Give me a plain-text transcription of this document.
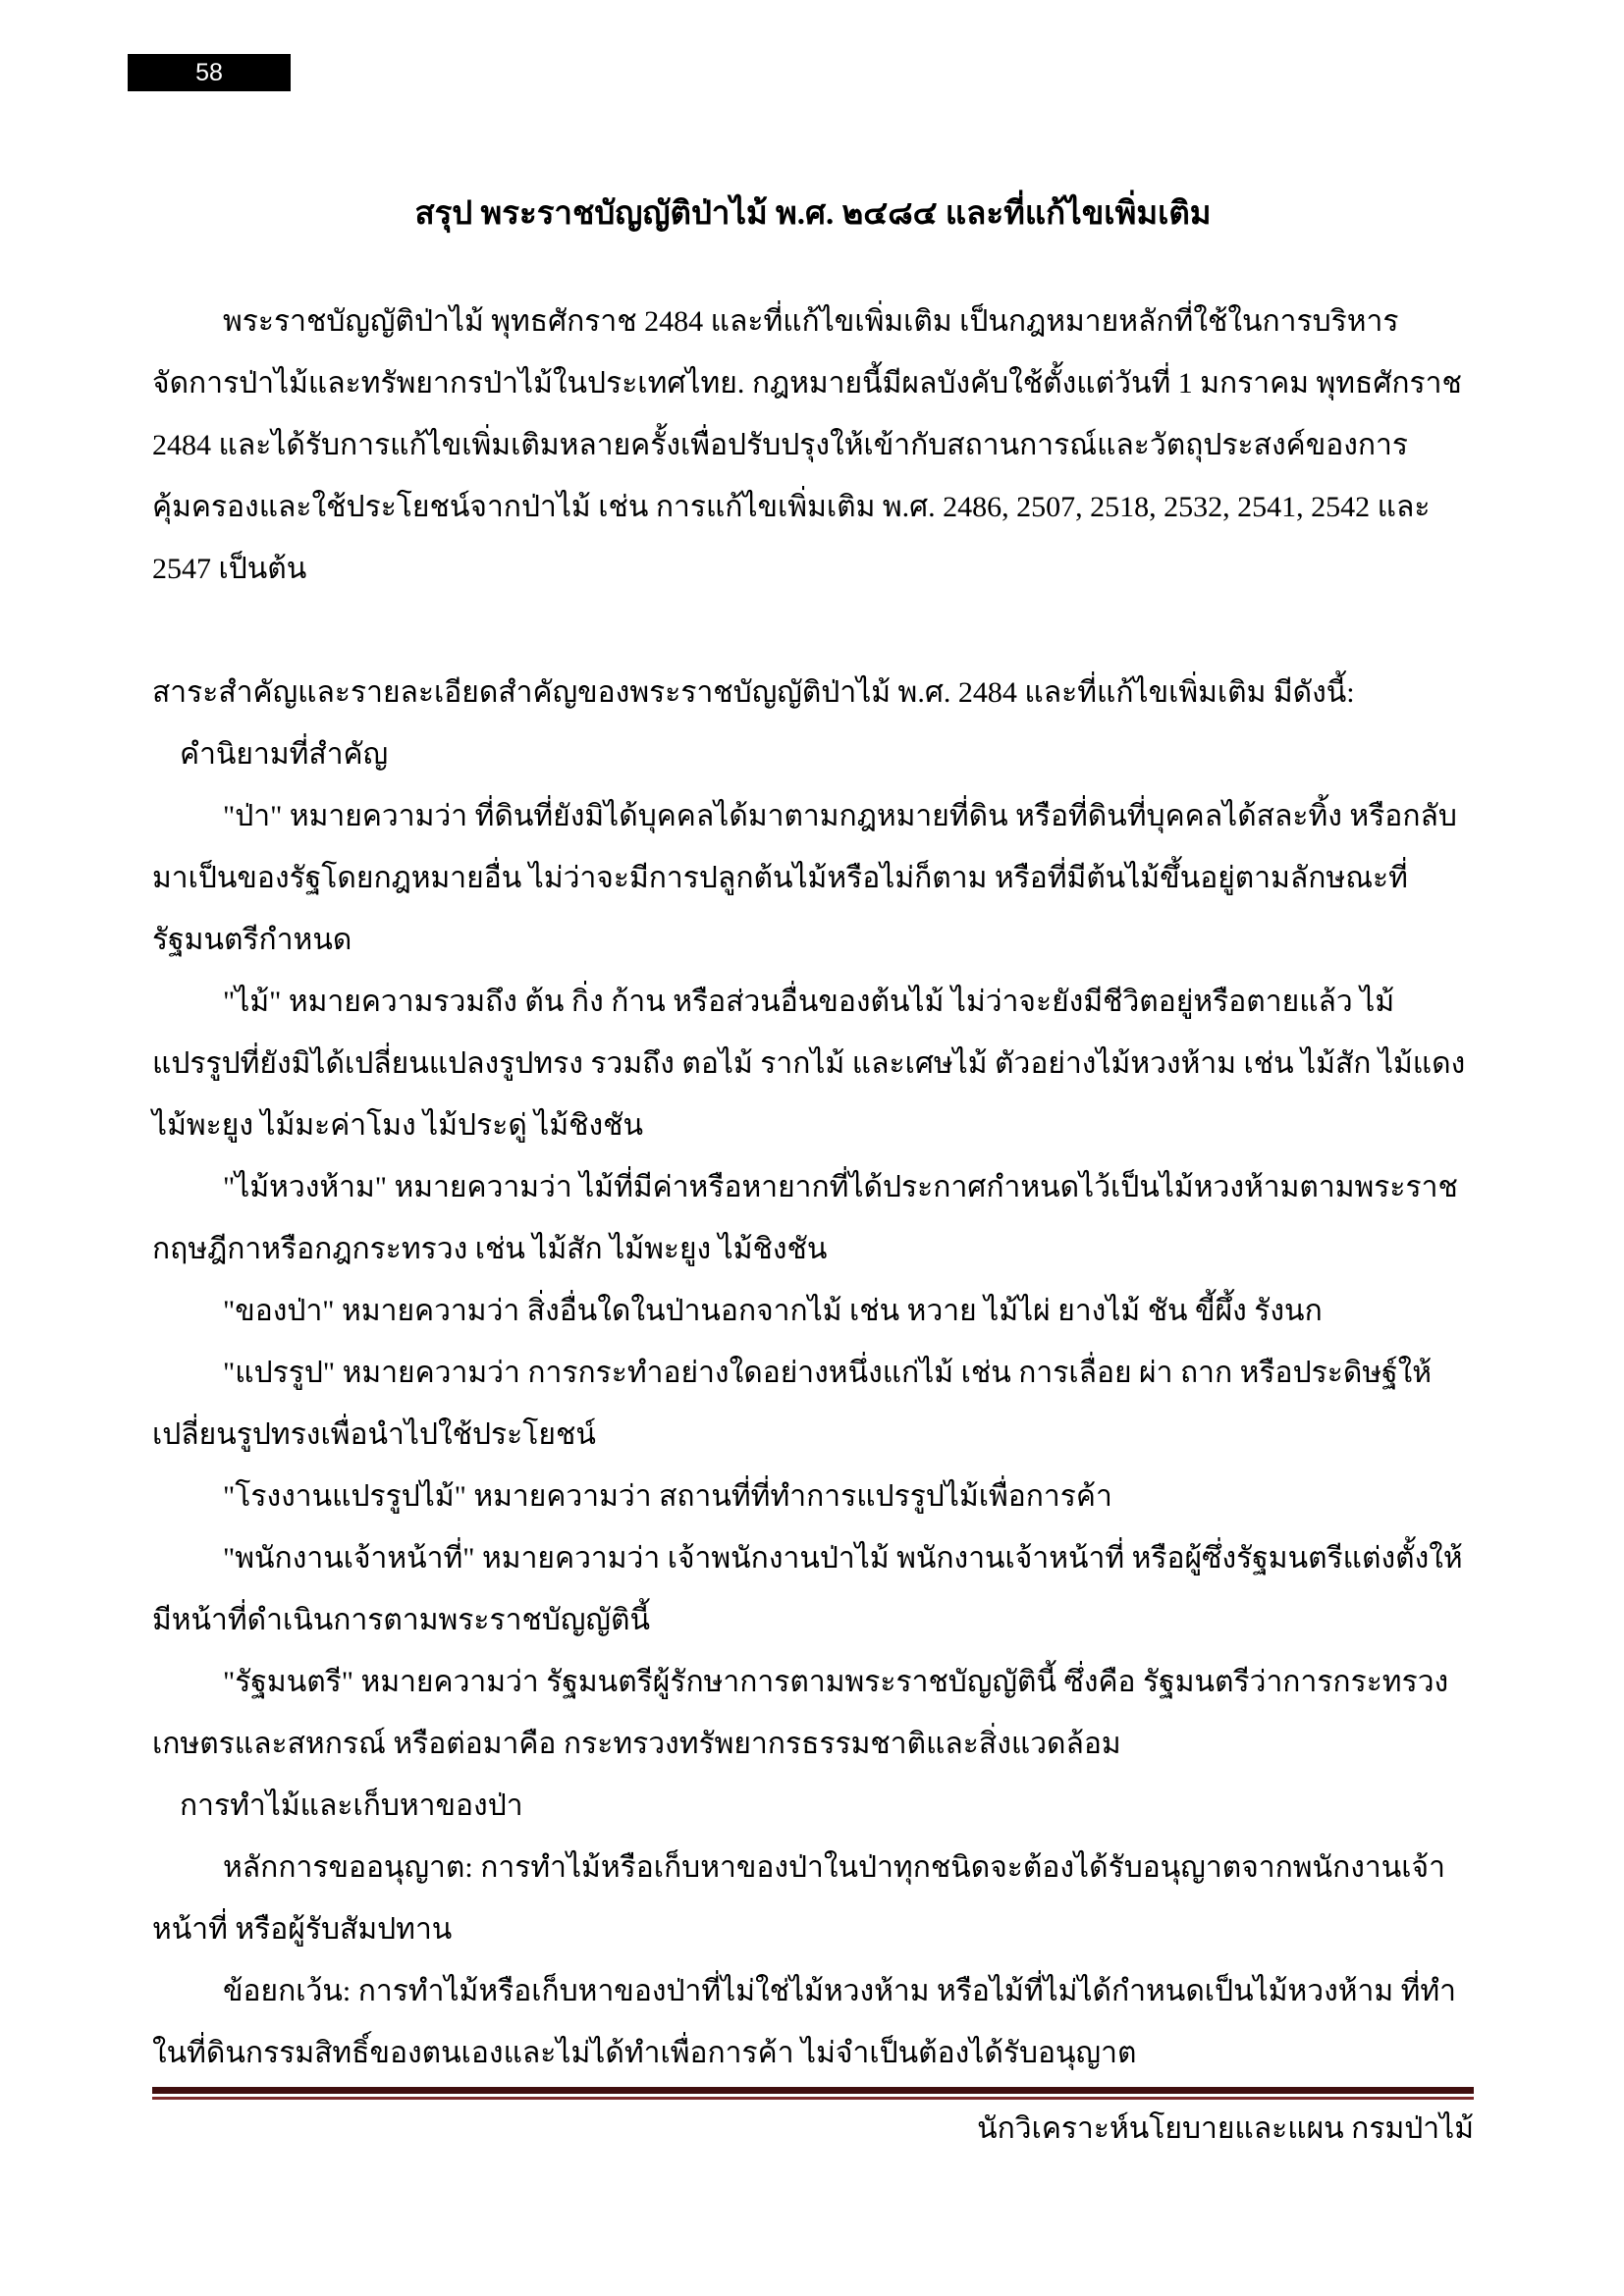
58
สรุป พระราชบัญญัติป่าไม้ พ.ศ. ๒๔๘๔ และที่แก้ไขเพิ่มเติม

พระราชบัญญัติป่าไม้ พุทธศักราช 2484 และที่แก้ไขเพิ่มเติม เป็นกฎหมายหลักที่ใช้ในการบริหารจัดการป่าไม้และทรัพยากรป่าไม้ในประเทศไทย. กฎหมายนี้มีผลบังคับใช้ตั้งแต่วันที่ 1 มกราคม พุทธศักราช 2484 และได้รับการแก้ไขเพิ่มเติมหลายครั้งเพื่อปรับปรุงให้เข้ากับสถานการณ์และวัตถุประสงค์ของการคุ้มครองและใช้ประโยชน์จากป่าไม้ เช่น การแก้ไขเพิ่มเติม พ.ศ. 2486, 2507, 2518, 2532, 2541, 2542 และ 2547 เป็นต้น

สาระสำคัญและรายละเอียดสำคัญของพระราชบัญญัติป่าไม้ พ.ศ. 2484 และที่แก้ไขเพิ่มเติม มีดังนี้:

คำนิยามที่สำคัญ

"ป่า" หมายความว่า ที่ดินที่ยังมิได้บุคคลได้มาตามกฎหมายที่ดิน หรือที่ดินที่บุคคลได้สละทิ้ง หรือกลับมาเป็นของรัฐโดยกฎหมายอื่น ไม่ว่าจะมีการปลูกต้นไม้หรือไม่ก็ตาม หรือที่มีต้นไม้ขึ้นอยู่ตามลักษณะที่รัฐมนตรีกำหนด

"ไม้" หมายความรวมถึง ต้น กิ่ง ก้าน หรือส่วนอื่นของต้นไม้ ไม่ว่าจะยังมีชีวิตอยู่หรือตายแล้ว ไม้แปรรูปที่ยังมิได้เปลี่ยนแปลงรูปทรง รวมถึง ตอไม้ รากไม้ และเศษไม้ ตัวอย่างไม้หวงห้าม เช่น ไม้สัก ไม้แดง ไม้พะยูง ไม้มะค่าโมง ไม้ประดู่ ไม้ชิงชัน

"ไม้หวงห้าม" หมายความว่า ไม้ที่มีค่าหรือหายากที่ได้ประกาศกำหนดไว้เป็นไม้หวงห้ามตามพระราชกฤษฎีกาหรือกฎกระทรวง เช่น ไม้สัก ไม้พะยูง ไม้ชิงชัน

"ของป่า" หมายความว่า สิ่งอื่นใดในป่านอกจากไม้ เช่น หวาย ไม้ไผ่ ยางไม้ ชัน ขี้ผึ้ง รังนก

"แปรรูป" หมายความว่า การกระทำอย่างใดอย่างหนึ่งแก่ไม้ เช่น การเลื่อย ผ่า ถาก หรือประดิษฐ์ให้เปลี่ยนรูปทรงเพื่อนำไปใช้ประโยชน์

"โรงงานแปรรูปไม้" หมายความว่า สถานที่ที่ทำการแปรรูปไม้เพื่อการค้า

"พนักงานเจ้าหน้าที่" หมายความว่า เจ้าพนักงานป่าไม้ พนักงานเจ้าหน้าที่ หรือผู้ซึ่งรัฐมนตรีแต่งตั้งให้มีหน้าที่ดำเนินการตามพระราชบัญญัตินี้

"รัฐมนตรี" หมายความว่า รัฐมนตรีผู้รักษาการตามพระราชบัญญัตินี้ ซึ่งคือ รัฐมนตรีว่าการกระทรวงเกษตรและสหกรณ์ หรือต่อมาคือ กระทรวงทรัพยากรธรรมชาติและสิ่งแวดล้อม

การทำไม้และเก็บหาของป่า

หลักการขออนุญาต: การทำไม้หรือเก็บหาของป่าในป่าทุกชนิดจะต้องได้รับอนุญาตจากพนักงานเจ้าหน้าที่ หรือผู้รับสัมปทาน

ข้อยกเว้น: การทำไม้หรือเก็บหาของป่าที่ไม่ใช่ไม้หวงห้าม หรือไม้ที่ไม่ได้กำหนดเป็นไม้หวงห้าม ที่ทำในที่ดินกรรมสิทธิ์ของตนเองและไม่ได้ทำเพื่อการค้า ไม่จำเป็นต้องได้รับอนุญาต

นักวิเคราะห์นโยบายและแผน กรมป่าไม้
